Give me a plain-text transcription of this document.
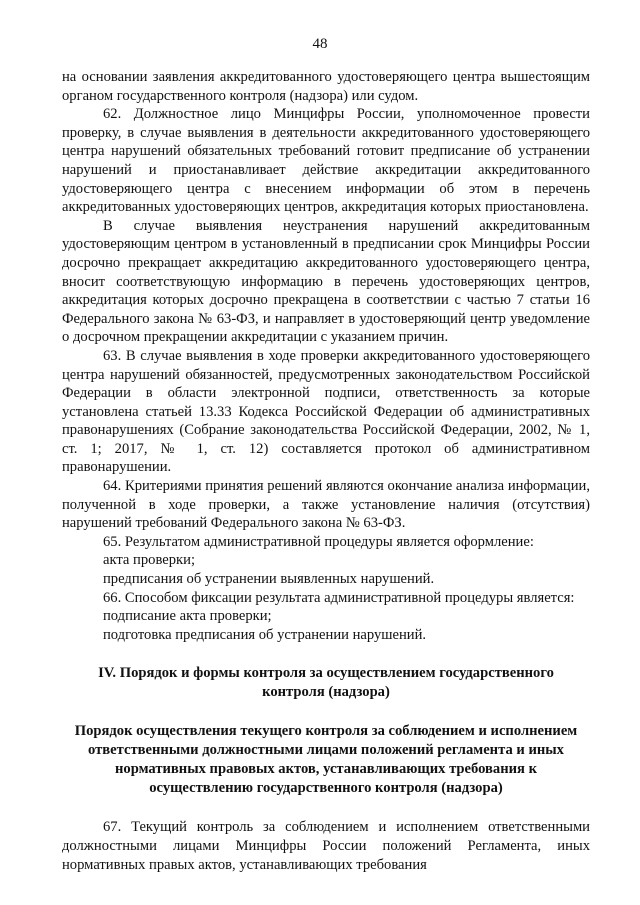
48

на основании заявления аккредитованного удостоверяющего центра вышестоящим органом государственного контроля (надзора) или судом.

62. Должностное лицо Минцифры России, уполномоченное провести проверку, в случае выявления в деятельности аккредитованного удостоверяющего центра нарушений обязательных требований готовит предписание об устранении нарушений и приостанавливает действие аккредитации аккредитованного удостоверяющего центра с внесением информации об этом в перечень аккредитованных удостоверяющих центров, аккредитация которых приостановлена.

В случае выявления неустранения нарушений аккредитованным удостоверяющим центром в установленный в предписании срок Минцифры России досрочно прекращает аккредитацию аккредитованного удостоверяющего центра, вносит соответствующую информацию в перечень удостоверяющих центров, аккредитация которых досрочно прекращена в соответствии с частью 7 статьи 16 Федерального закона № 63-ФЗ, и направляет в удостоверяющий центр уведомление о досрочном прекращении аккредитации с указанием причин.

63. В случае выявления в ходе проверки аккредитованного удостоверяющего центра нарушений обязанностей, предусмотренных законодательством Российской Федерации в области электронной подписи, ответственность за которые установлена статьей 13.33 Кодекса Российской Федерации об административных правонарушениях (Собрание законодательства Российской Федерации, 2002, № 1, ст. 1; 2017, № 1, ст. 12) составляется протокол об административном правонарушении.

64. Критериями принятия решений являются окончание анализа информации, полученной в ходе проверки, а также установление наличия (отсутствия) нарушений требований Федерального закона № 63-ФЗ.

65. Результатом административной процедуры является оформление:

акта проверки;

предписания об устранении выявленных нарушений.

66. Способом фиксации результата административной процедуры является:

подписание акта проверки;

подготовка предписания об устранении нарушений.

IV. Порядок и формы контроля за осуществлением государственного контроля (надзора)
Порядок осуществления текущего контроля за соблюдением и исполнением ответственными должностными лицами положений регламента и иных нормативных правовых актов, устанавливающих требования к осуществлению государственного контроля (надзора)

67. Текущий контроль за соблюдением и исполнением ответственными должностными лицами Минцифры России положений Регламента, иных нормативных правых актов, устанавливающих требования
